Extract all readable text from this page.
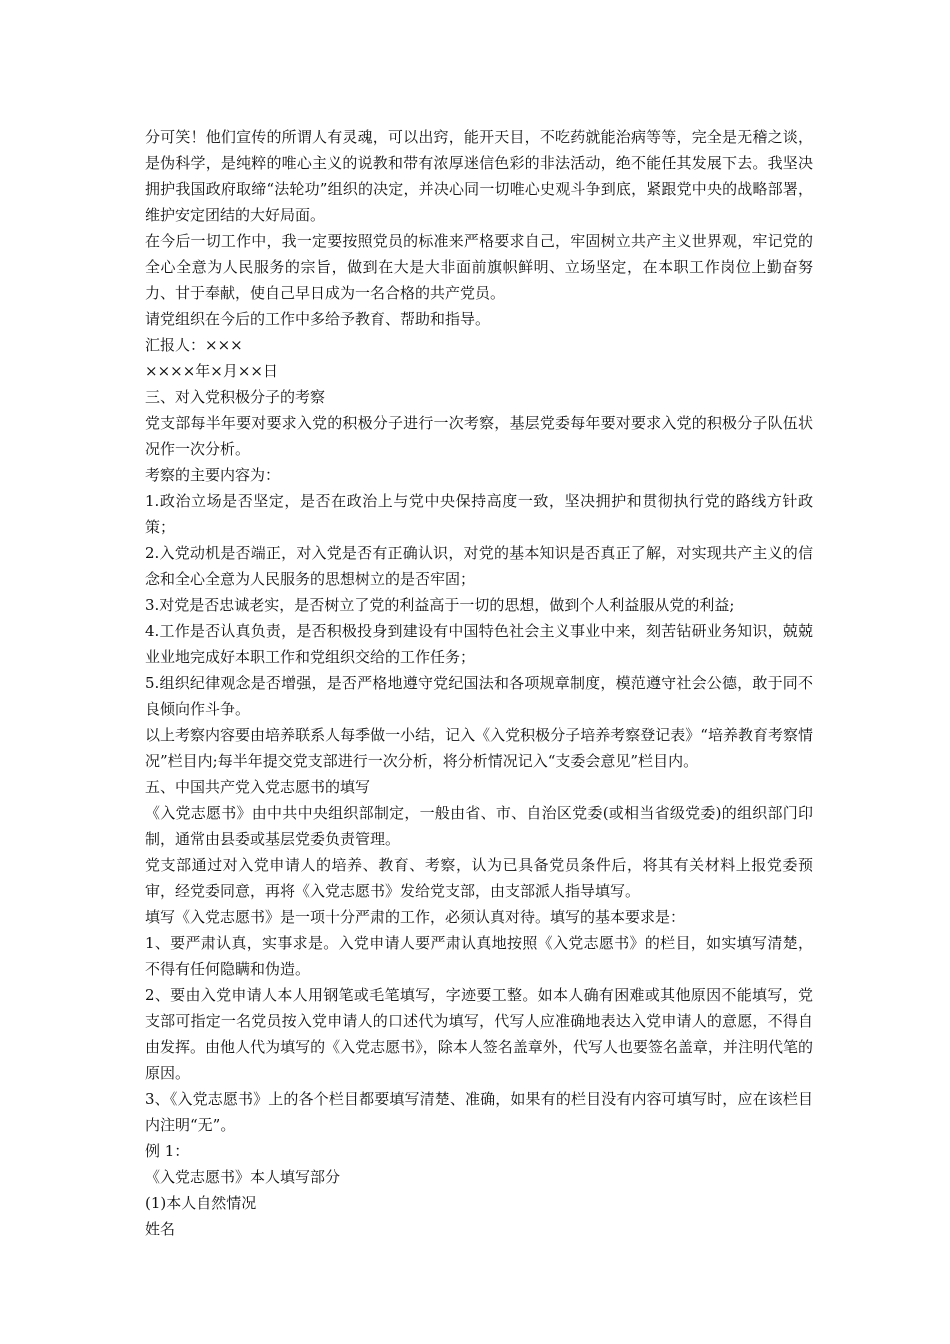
分可笑！他们宣传的所谓人有灵魂，可以出窍，能开天目，不吃药就能治病等等，完全是无稽之谈，是伪科学，是纯粹的唯心主义的说教和带有浓厚迷信色彩的非法活动，绝不能任其发展下去。我坚决拥护我国政府取缔“法轮功”组织的决定，并决心同一切唯心史观斗争到底，紧跟党中央的战略部署，维护安定团结的大好局面。

在今后一切工作中，我一定要按照党员的标准来严格要求自己，牢固树立共产主义世界观，牢记党的全心全意为人民服务的宗旨，做到在大是大非面前旗帜鲜明、立场坚定，在本职工作岗位上勤奋努力、甘于奉献，使自己早日成为一名合格的共产党员。

请党组织在今后的工作中多给予教育、帮助和指导。

汇报人：×××

××××年×月××日

三、对入党积极分子的考察

党支部每半年要对要求入党的积极分子进行一次考察，基层党委每年要对要求入党的积极分子队伍状况作一次分析。

考察的主要内容为：

1.政治立场是否坚定，是否在政治上与党中央保持高度一致，坚决拥护和贯彻执行党的路线方针政策；

2.入党动机是否端正，对入党是否有正确认识，对党的基本知识是否真正了解，对实现共产主义的信念和全心全意为人民服务的思想树立的是否牢固；

3.对党是否忠诚老实，是否树立了党的利益高于一切的思想，做到个人利益服从党的利益;

4.工作是否认真负责，是否积极投身到建设有中国特色社会主义事业中来，刻苦钻研业务知识，兢兢业业地完成好本职工作和党组织交给的工作任务；

5.组织纪律观念是否增强，是否严格地遵守党纪国法和各项规章制度，模范遵守社会公德，敢于同不良倾向作斗争。

以上考察内容要由培养联系人每季做一小结，记入《入党积极分子培养考察登记表》“培养教育考察情况”栏目内;每半年提交党支部进行一次分析，将分析情况记入“支委会意见”栏目内。

五、中国共产党入党志愿书的填写

《入党志愿书》由中共中央组织部制定，一般由省、市、自治区党委(或相当省级党委)的组织部门印制，通常由县委或基层党委负责管理。

党支部通过对入党申请人的培养、教育、考察，认为已具备党员条件后，将其有关材料上报党委预审，经党委同意，再将《入党志愿书》发给党支部，由支部派人指导填写。

填写《入党志愿书》是一项十分严肃的工作，必须认真对待。填写的基本要求是：

1、要严肃认真，实事求是。入党申请人要严肃认真地按照《入党志愿书》的栏目，如实填写清楚，不得有任何隐瞒和伪造。

2、要由入党申请人本人用钢笔或毛笔填写，字迹要工整。如本人确有困难或其他原因不能填写，党支部可指定一名党员按入党申请人的口述代为填写，代写人应准确地表达入党申请人的意愿，不得自由发挥。由他人代为填写的《入党志愿书》，除本人签名盖章外，代写人也要签名盖章，并注明代笔的原因。

3、《入党志愿书》上的各个栏目都要填写清楚、准确，如果有的栏目没有内容可填写时，应在该栏目内注明“无”。

例 1：

《入党志愿书》本人填写部分

(1)本人自然情况

姓名
